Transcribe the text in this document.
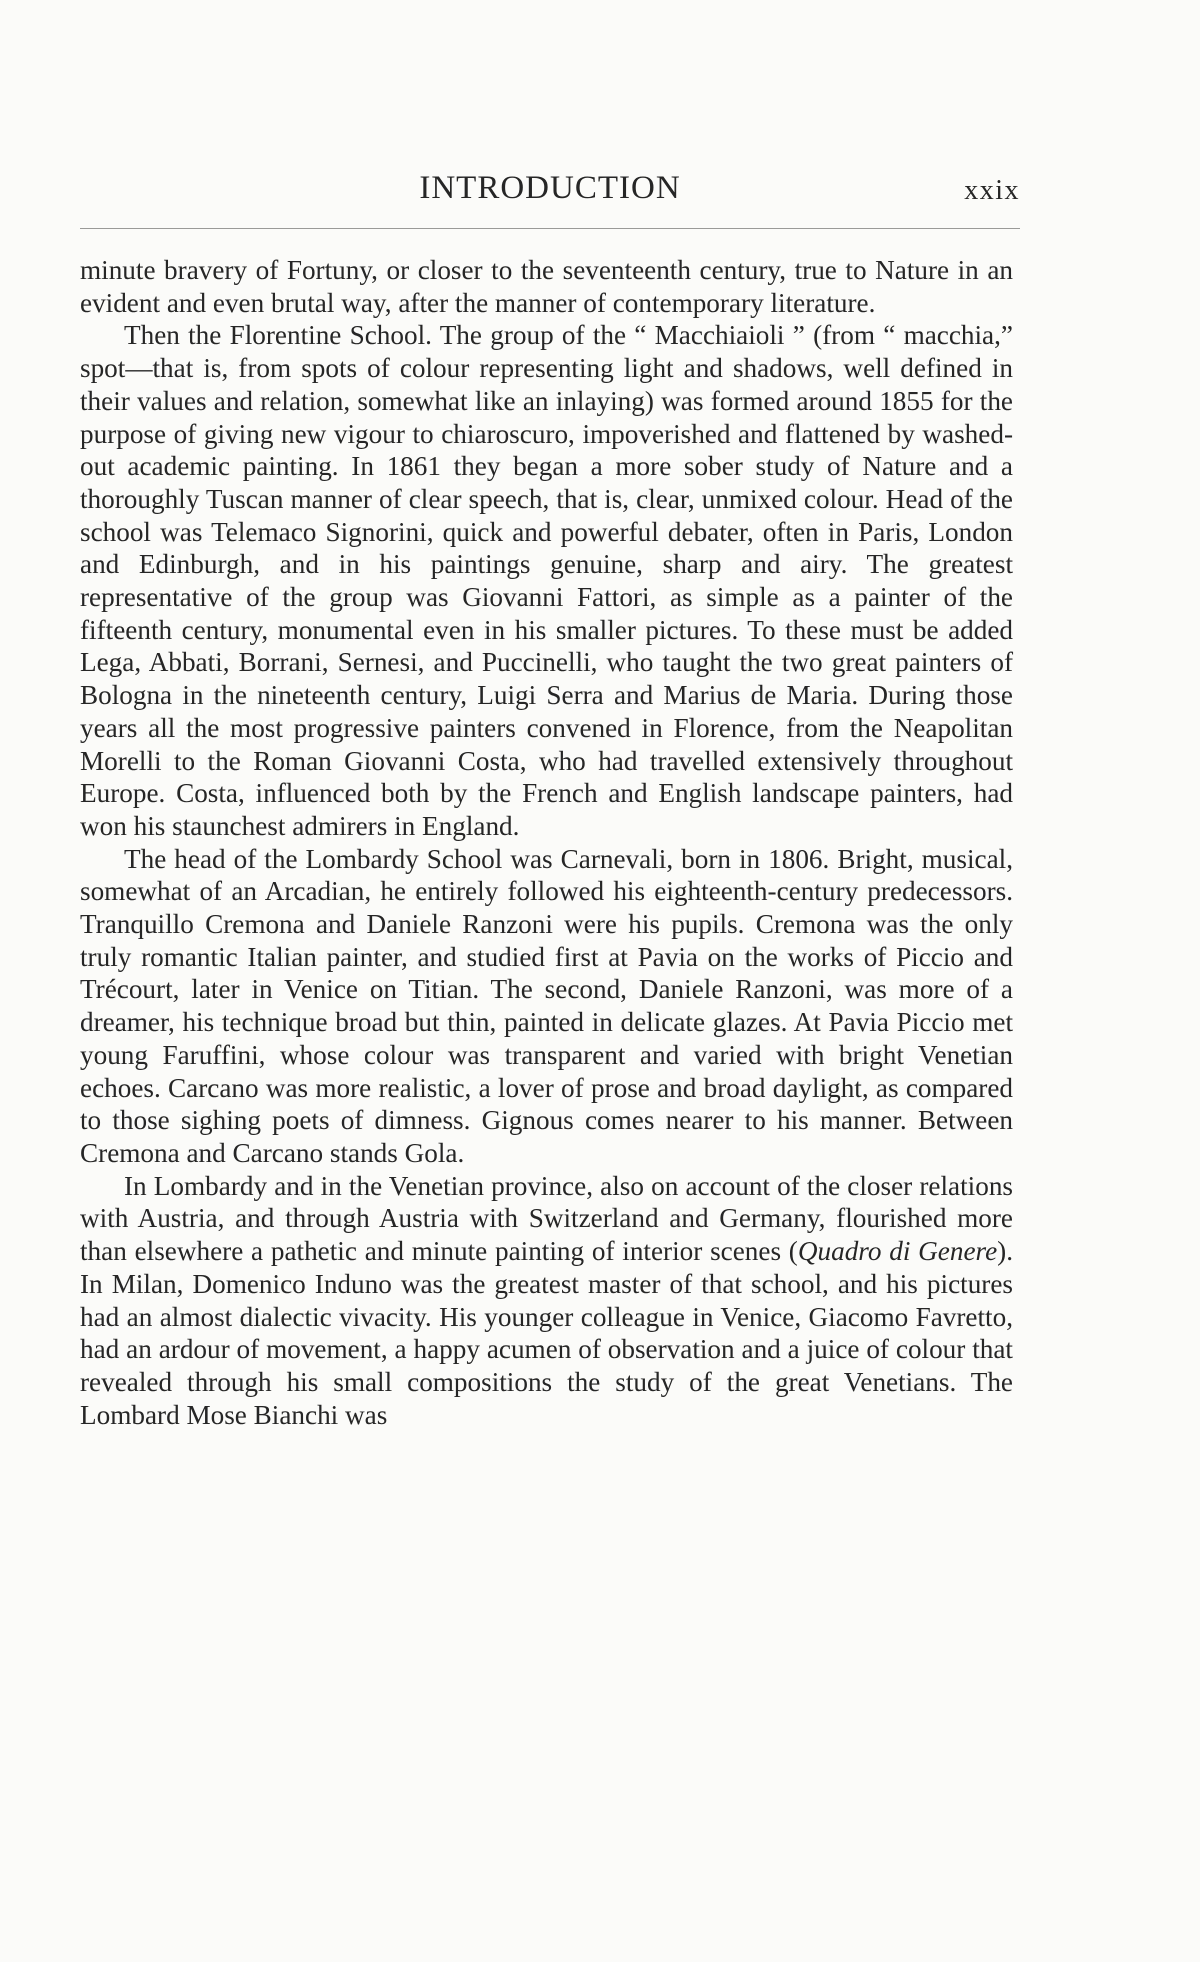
INTRODUCTION	xxix

minute bravery of Fortuny, or closer to the seventeenth century, true to Nature in an evident and even brutal way, after the manner of contemporary literature.

Then the Florentine School. The group of the “ Macchiaioli ” (from “ macchia,” spot—that is, from spots of colour representing light and shadows, well defined in their values and relation, somewhat like an inlaying) was formed around 1855 for the purpose of giving new vigour to chiaroscuro, impoverished and flattened by washed-out academic painting. In 1861 they began a more sober study of Nature and a thoroughly Tuscan manner of clear speech, that is, clear, unmixed colour. Head of the school was Telemaco Signorini, quick and powerful debater, often in Paris, London and Edinburgh, and in his paintings genuine, sharp and airy. The greatest representative of the group was Giovanni Fattori, as simple as a painter of the fifteenth century, monumental even in his smaller pictures. To these must be added Lega, Abbati, Borrani, Sernesi, and Puccinelli, who taught the two great painters of Bologna in the nineteenth century, Luigi Serra and Marius de Maria. During those years all the most progressive painters convened in Florence, from the Neapolitan Morelli to the Roman Giovanni Costa, who had travelled extensively throughout Europe. Costa, influenced both by the French and English landscape painters, had won his staunchest admirers in England.

The head of the Lombardy School was Carnevali, born in 1806. Bright, musical, somewhat of an Arcadian, he entirely followed his eighteenth-century predecessors. Tranquillo Cremona and Daniele Ranzoni were his pupils. Cremona was the only truly romantic Italian painter, and studied first at Pavia on the works of Piccio and Trécourt, later in Venice on Titian. The second, Daniele Ranzoni, was more of a dreamer, his technique broad but thin, painted in delicate glazes. At Pavia Piccio met young Faruffini, whose colour was transparent and varied with bright Venetian echoes. Carcano was more realistic, a lover of prose and broad daylight, as compared to those sighing poets of dimness. Gignous comes nearer to his manner. Between Cremona and Carcano stands Gola.

In Lombardy and in the Venetian province, also on account of the closer relations with Austria, and through Austria with Switzerland and Germany, flourished more than elsewhere a pathetic and minute painting of interior scenes (Quadro di Genere). In Milan, Domenico Induno was the greatest master of that school, and his pictures had an almost dialectic vivacity. His younger colleague in Venice, Giacomo Favretto, had an ardour of movement, a happy acumen of observation and a juice of colour that revealed through his small compositions the study of the great Venetians. The Lombard Mose Bianchi was
